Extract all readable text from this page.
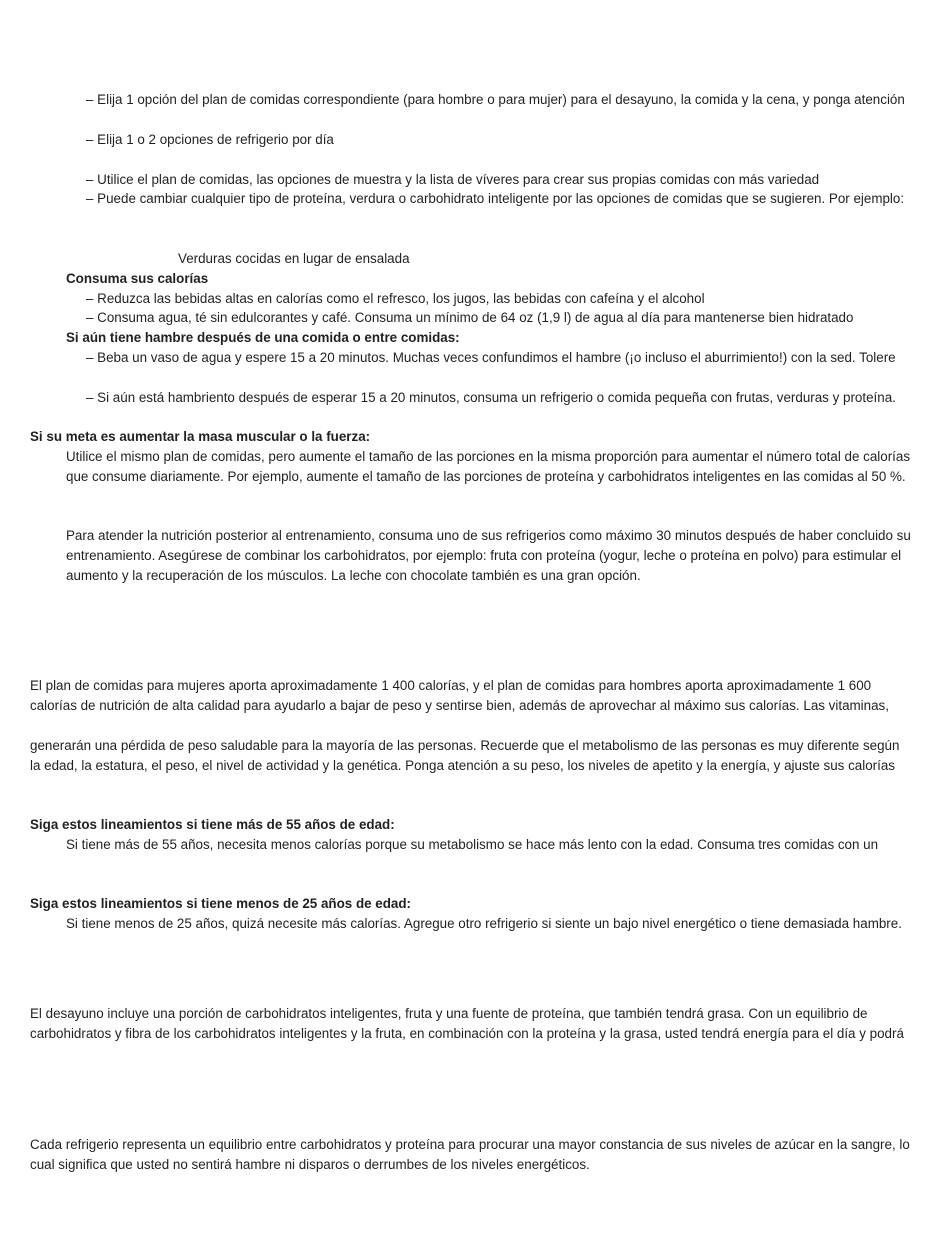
– Elija 1 opción del plan de comidas correspondiente (para hombre o para mujer) para el desayuno, la comida y la cena, y ponga atención
– Elija 1 o 2 opciones de refrigerio por día
– Utilice el plan de comidas, las opciones de muestra y la lista de víveres para crear sus propias comidas con más variedad
– Puede cambiar cualquier tipo de proteína, verdura o carbohidrato inteligente por las opciones de comidas que se sugieren. Por ejemplo:
Verduras cocidas en lugar de ensalada
Consuma sus calorías
– Reduzca las bebidas altas en calorías como el refresco, los jugos, las bebidas con cafeína y el alcohol
– Consuma agua, té sin edulcorantes y café. Consuma un mínimo de 64 oz (1,9 l) de agua al día para mantenerse bien hidratado
Si aún tiene hambre después de una comida o entre comidas:
– Beba un vaso de agua y espere 15 a 20 minutos. Muchas veces confundimos el hambre (¡o incluso el aburrimiento!) con la sed. Tolere
– Si aún está hambriento después de esperar 15 a 20 minutos, consuma un refrigerio o comida pequeña con frutas, verduras y proteína.
Si su meta es aumentar la masa muscular o la fuerza:
Utilice el mismo plan de comidas, pero aumente el tamaño de las porciones en la misma proporción para aumentar el número total de calorías
que consume diariamente. Por ejemplo, aumente el tamaño de las porciones de proteína y carbohidratos inteligentes en las comidas al 50 %.
Para atender la nutrición posterior al entrenamiento, consuma uno de sus refrigerios como máximo 30 minutos después de haber concluido su
entrenamiento. Asegúrese de combinar los carbohidratos, por ejemplo: fruta con proteína (yogur, leche o proteína en polvo) para estimular el
aumento y la recuperación de los músculos. La leche con chocolate también es una gran opción.
El plan de comidas para mujeres aporta aproximadamente 1 400 calorías, y el plan de comidas para hombres aporta aproximadamente 1 600
calorías de nutrición de alta calidad para ayudarlo a bajar de peso y sentirse bien, además de aprovechar al máximo sus calorías. Las vitaminas,
generarán una pérdida de peso saludable para la mayoría de las personas. Recuerde que el metabolismo de las personas es muy diferente según
la edad, la estatura, el peso, el nivel de actividad y la genética. Ponga atención a su peso, los niveles de apetito y la energía, y ajuste sus calorías
Siga estos lineamientos si tiene más de 55 años de edad:
Si tiene más de 55 años, necesita menos calorías porque su metabolismo se hace más lento con la edad. Consuma tres comidas con un
Siga estos lineamientos si tiene menos de 25 años de edad:
Si tiene menos de 25 años, quizá necesite más calorías. Agregue otro refrigerio si siente un bajo nivel energético o tiene demasiada hambre.
El desayuno incluye una porción de carbohidratos inteligentes, fruta y una fuente de proteína, que también tendrá grasa. Con un equilibrio de
carbohidratos y fibra de los carbohidratos inteligentes y la fruta, en combinación con la proteína y la grasa, usted tendrá energía para el día y podrá
Cada refrigerio representa un equilibrio entre carbohidratos y proteína para procurar una mayor constancia de sus niveles de azúcar en la sangre, lo
cual significa que usted no sentirá hambre ni disparos o derrumbes de los niveles energéticos.
